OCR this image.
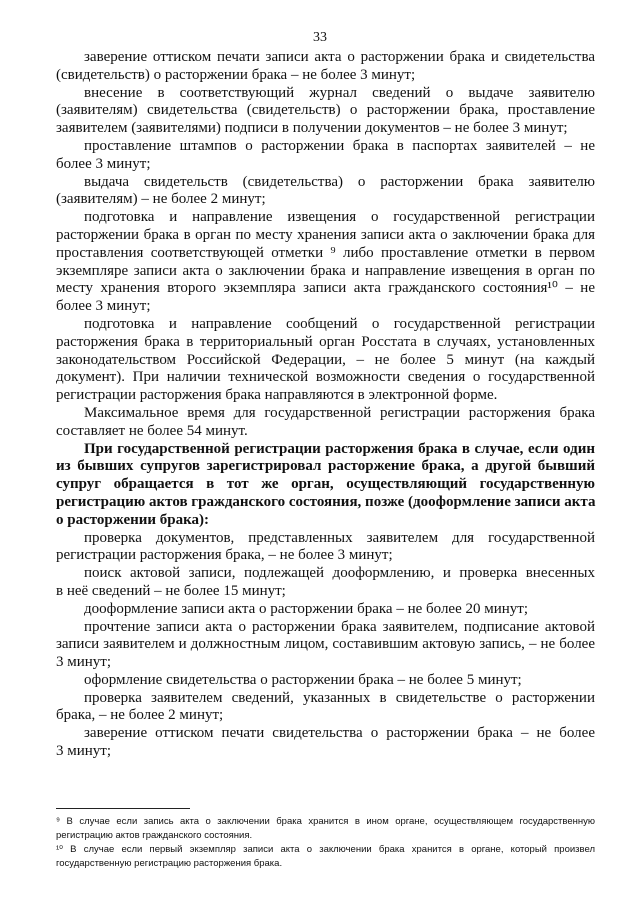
33
заверение оттиском печати записи акта о расторжении брака и свидетельства
(свидетельств) о расторжении брака – не более 3 минут;
внесение в соответствующий журнал сведений о выдаче заявителю
(заявителям) свидетельства (свидетельств) о расторжении брака, проставление
заявителем (заявителями) подписи в получении документов – не более 3 минут;
проставление штампов о расторжении брака в паспортах заявителей – не
более 3 минут;
выдача свидетельств (свидетельства) о расторжении брака заявителю
(заявителям) – не более 2 минут;
подготовка и направление извещения о государственной регистрации
расторжении брака в орган по месту хранения записи акта о заключении брака для
проставления соответствующей отметки ⁹ либо проставление отметки в первом
экземпляре записи акта о заключении брака и направление извещения в орган по
месту хранения второго экземпляра записи акта гражданского состояния¹⁰ – не
более 3 минут;
подготовка и направление сообщений о государственной регистрации
расторжения брака в территориальный орган Росстата в случаях, установленных
законодательством Российской Федерации, – не более 5 минут (на каждый
документ). При наличии технической возможности сведения о государственной
регистрации расторжения брака направляются в электронной форме.
Максимальное время для государственной регистрации расторжения брака
составляет не более 54 минут.
При государственной регистрации расторжения брака в случае, если один
из бывших супругов зарегистрировал расторжение брака, а другой бывший
супруг обращается в тот же орган, осуществляющий государственную
регистрацию актов гражданского состояния, позже (дооформление записи акта
о расторжении брака):
проверка документов, представленных заявителем для государственной
регистрации расторжения брака, – не более 3 минут;
поиск актовой записи, подлежащей дооформлению, и проверка внесенных
в неё сведений – не более 15 минут;
дооформление записи акта о расторжении брака – не более 20 минут;
прочтение записи акта о расторжении брака заявителем, подписание актовой
записи заявителем и должностным лицом, составившим актовую запись, – не более
3 минут;
оформление свидетельства о расторжении брака – не более 5 минут;
проверка заявителем сведений, указанных в свидетельстве о расторжении
брака, – не более 2 минут;
заверение оттиском печати свидетельства о расторжении брака – не более
3 минут;
⁹ В случае если запись акта о заключении брака хранится в ином органе, осуществляющем государственную
регистрацию актов гражданского состояния.
¹⁰ В случае если первый экземпляр записи акта о заключении брака хранится в органе, который произвел
государственную регистрацию расторжения брака.
